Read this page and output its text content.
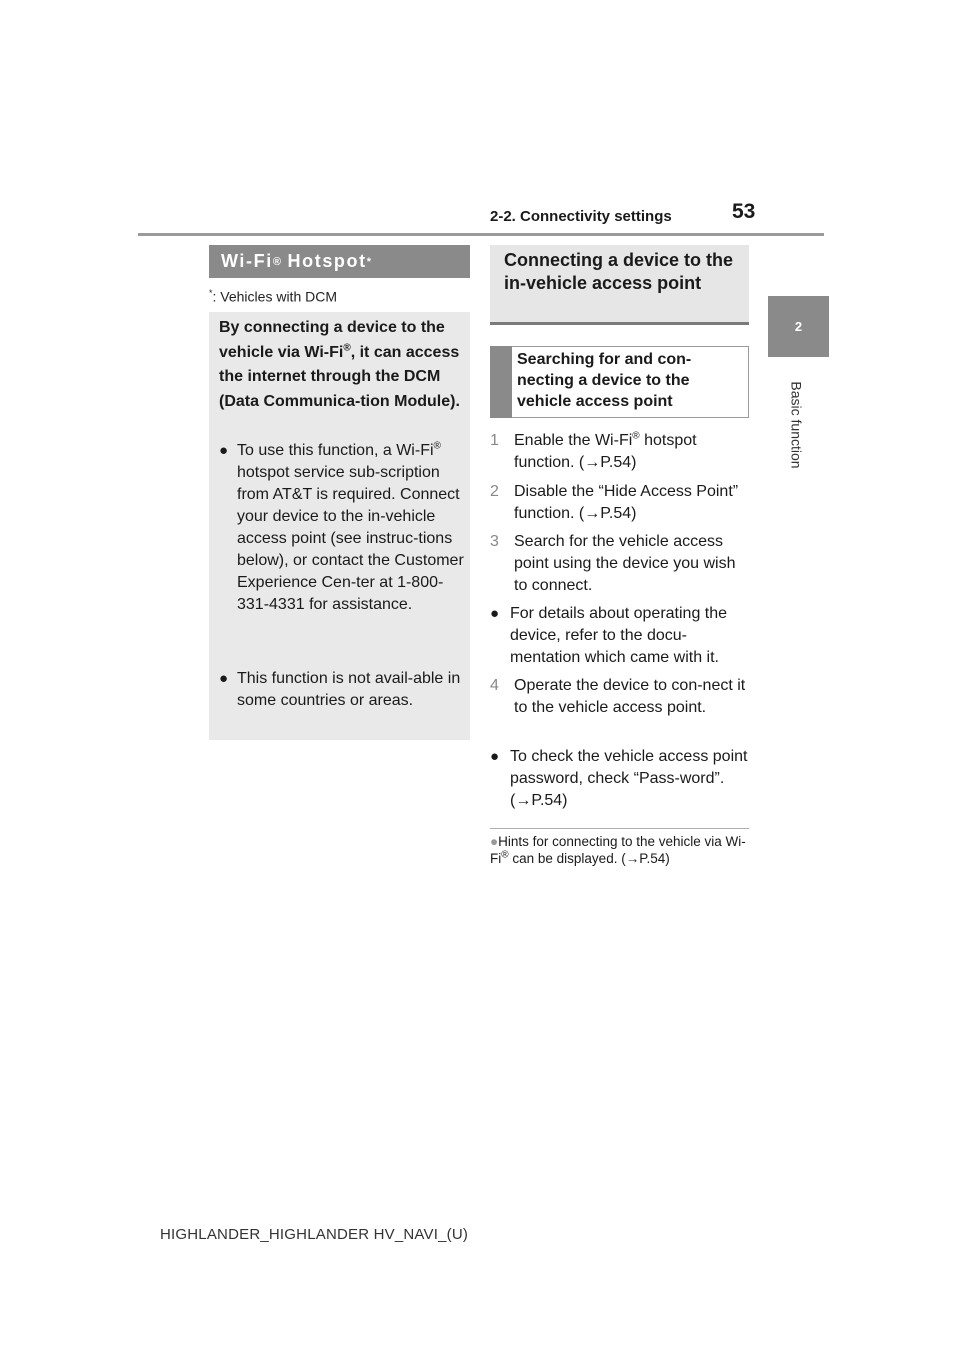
2-2. Connectivity settings	53
2
Basic function
Wi-Fi ® Hotspot *
*: Vehicles with DCM
By connecting a device to the vehicle via Wi-Fi®, it can access the internet through the DCM (Data Communica-tion Module).
● To use this function, a Wi-Fi® hotspot service sub-scription from AT&T is required. Connect your device to the in-vehicle access point (see instruc-tions below), or contact the Customer Experience Cen-ter at 1-800-331-4331 for assistance.
● This function is not avail-able in some countries or areas.
Connecting a device to the in-vehicle access point
Searching for and con-necting a device to the vehicle access point
1 Enable the Wi-Fi® hotspot function. (→P.54)
2 Disable the “Hide Access Point” function. (→P.54)
3 Search for the vehicle access point using the device you wish to connect.
● For details about operating the device, refer to the docu-mentation which came with it.
4 Operate the device to con-nect it to the vehicle access point.
● To check the vehicle access point password, check “Pass-word”. (→P.54)
●Hints for connecting to the vehicle via Wi-Fi® can be displayed. (→P.54)
HIGHLANDER_HIGHLANDER HV_NAVI_(U)
